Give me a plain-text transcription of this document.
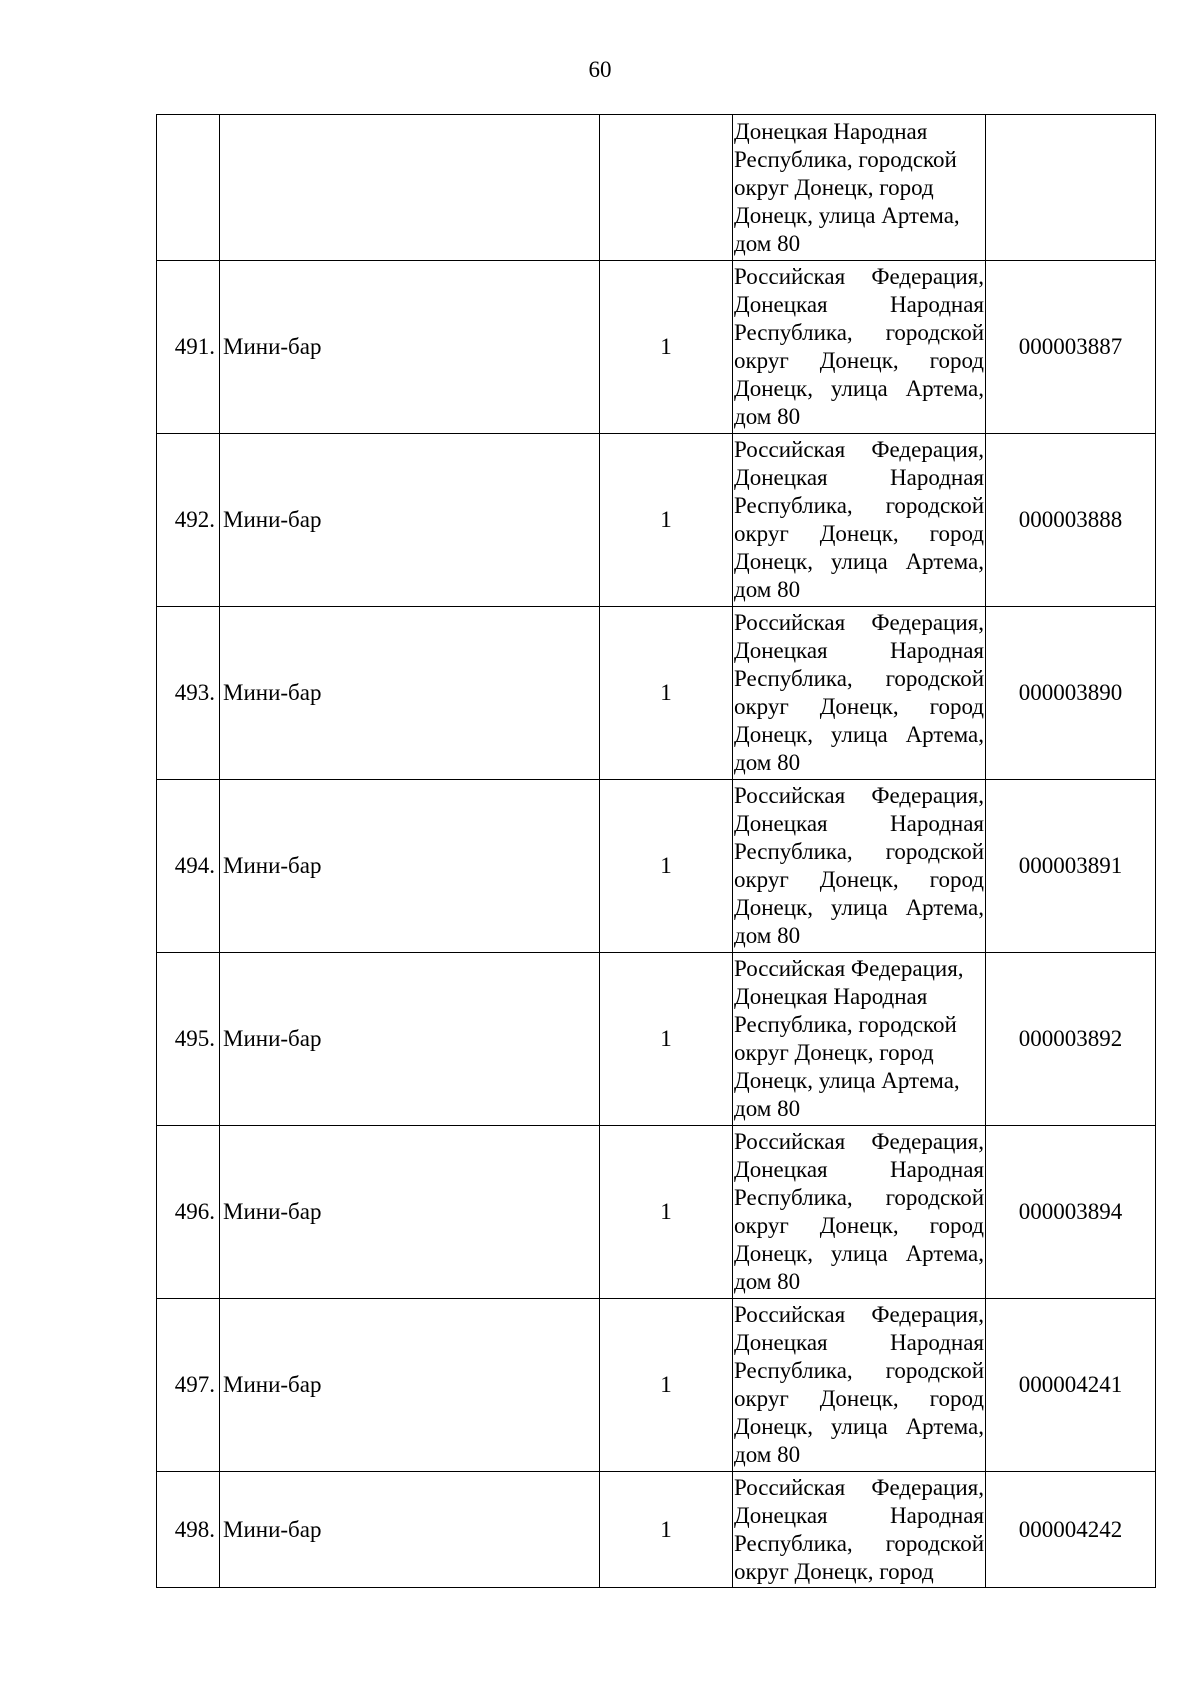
60

			Донецкая Народная Республика, городской округ Донецк, город Донецк, улица Артема, дом 80	

491.	Мини-бар	1	Российская Федерация, Донецкая Народная Республика, городской округ Донецк, город Донецк, улица Артема, дом 80	000003887
492.	Мини-бар	1	Российская Федерация, Донецкая Народная Республика, городской округ Донецк, город Донецк, улица Артема, дом 80	000003888
493.	Мини-бар	1	Российская Федерация, Донецкая Народная Республика, городской округ Донецк, город Донецк, улица Артема, дом 80	000003890
494.	Мини-бар	1	Российская Федерация, Донецкая Народная Республика, городской округ Донецк, город Донецк, улица Артема, дом 80	000003891
495.	Мини-бар	1	Российская Федерация, Донецкая Народная Республика, городской округ Донецк, город Донецк, улица Артема, дом 80	000003892
496.	Мини-бар	1	Российская Федерация, Донецкая Народная Республика, городской округ Донецк, город Донецк, улица Артема, дом 80	000003894
497.	Мини-бар	1	Российская Федерация, Донецкая Народная Республика, городской округ Донецк, город Донецк, улица Артема, дом 80	000004241
498.	Мини-бар	1	Российская Федерация, Донецкая Народная Республика, городской округ Донецк, город	000004242
